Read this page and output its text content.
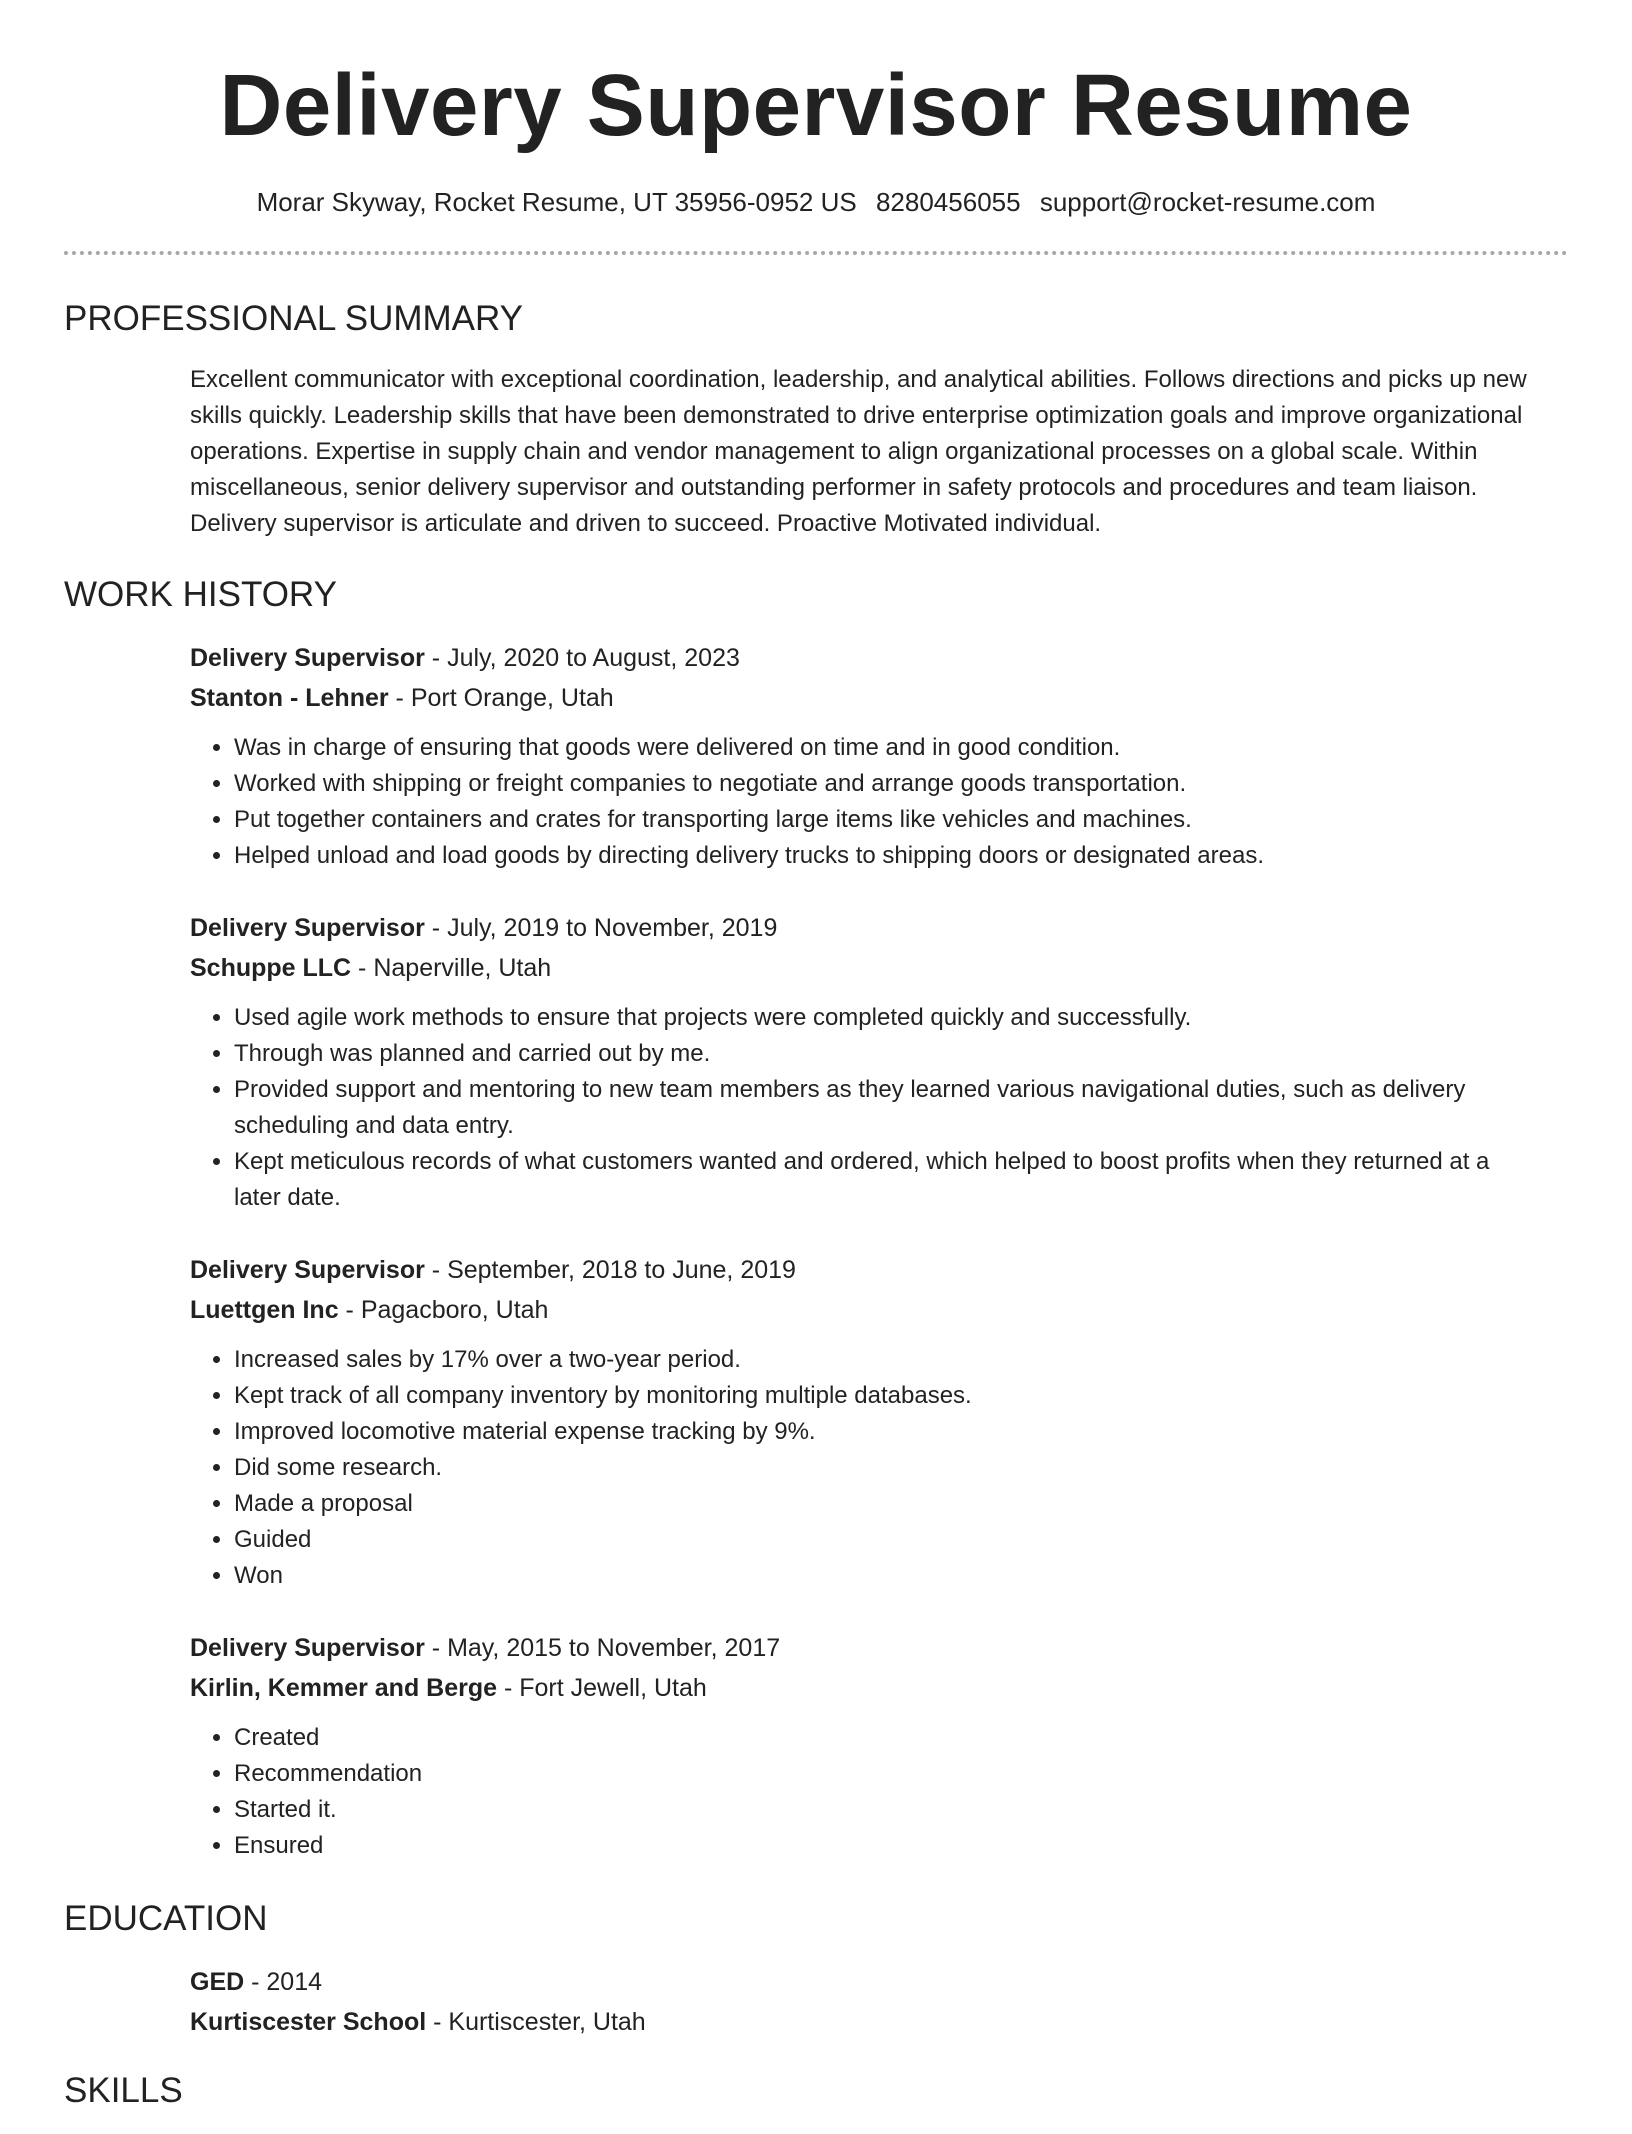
Delivery Supervisor Resume
Morar Skyway, Rocket Resume, UT 35956-0952 US 8280456055 support@rocket-resume.com
PROFESSIONAL SUMMARY

Excellent communicator with exceptional coordination, leadership, and analytical abilities. Follows directions and picks up new skills quickly. Leadership skills that have been demonstrated to drive enterprise optimization goals and improve organizational operations. Expertise in supply chain and vendor management to align organizational processes on a global scale. Within miscellaneous, senior delivery supervisor and outstanding performer in safety protocols and procedures and team liaison. Delivery supervisor is articulate and driven to succeed. Proactive Motivated individual.

WORK HISTORY
Delivery Supervisor - July, 2020 to August, 2023
Stanton - Lehner - Port Orange, Utah
• Was in charge of ensuring that goods were delivered on time and in good condition.
• Worked with shipping or freight companies to negotiate and arrange goods transportation.
• Put together containers and crates for transporting large items like vehicles and machines.
• Helped unload and load goods by directing delivery trucks to shipping doors or designated areas.
Delivery Supervisor - July, 2019 to November, 2019
Schuppe LLC - Naperville, Utah
• Used agile work methods to ensure that projects were completed quickly and successfully.
• Through was planned and carried out by me.
• Provided support and mentoring to new team members as they learned various navigational duties, such as delivery scheduling and data entry.
• Kept meticulous records of what customers wanted and ordered, which helped to boost profits when they returned at a later date.
Delivery Supervisor - September, 2018 to June, 2019
Luettgen Inc - Pagacboro, Utah
• Increased sales by 17% over a two-year period.
• Kept track of all company inventory by monitoring multiple databases.
• Improved locomotive material expense tracking by 9%.
• Did some research.
• Made a proposal
• Guided
• Won
Delivery Supervisor - May, 2015 to November, 2017
Kirlin, Kemmer and Berge - Fort Jewell, Utah
• Created
• Recommendation
• Started it.
• Ensured
EDUCATION
GED - 2014
Kurtiscester School - Kurtiscester, Utah
SKILLS
